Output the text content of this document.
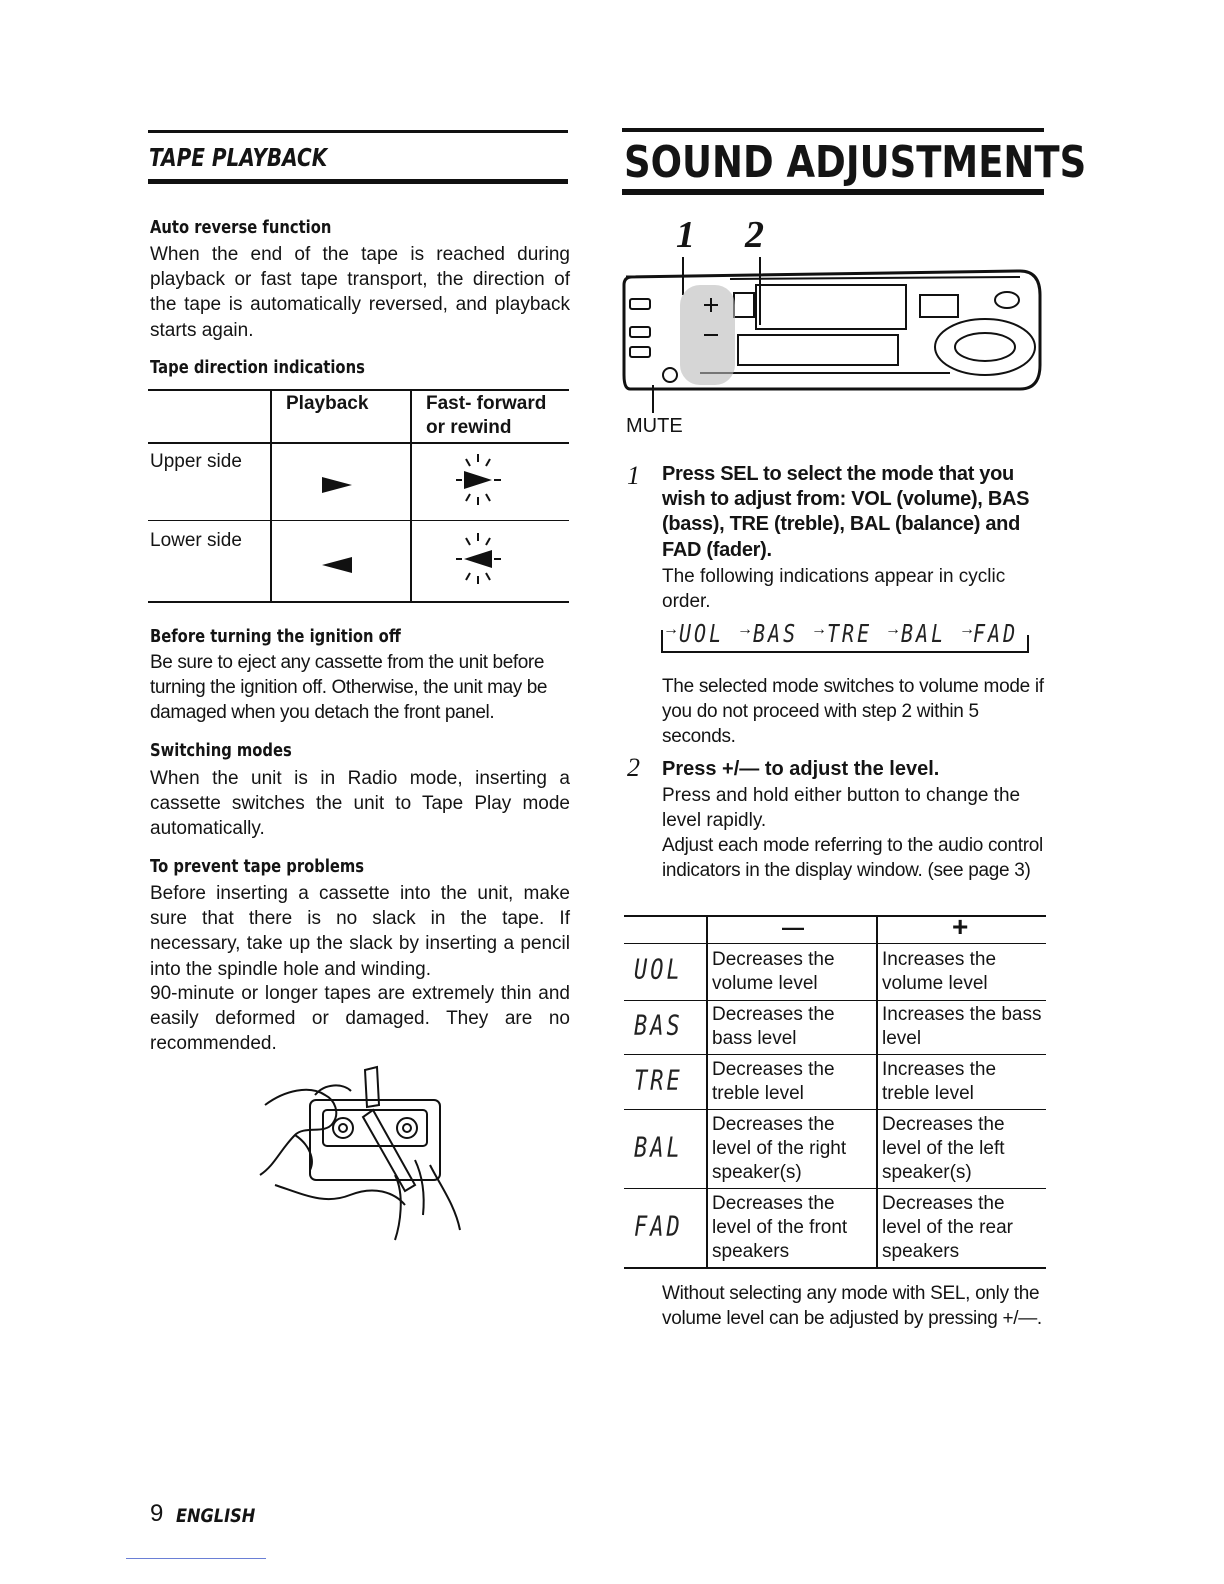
TAPE PLAYBACK
Auto reverse function

When the end of the tape is reached during playback or fast tape transport, the direction of the tape is automatically reversed, and playback starts again.

Tape direction indications
Playback	Fast- forward
or rewind
Upper side
Lower side
Before turning the ignition off

Be sure to eject any cassette from the unit before turning the ignition off. Otherwise, the unit may be damaged when you detach the front panel.

Switching modes

When the unit is in Radio mode, inserting a cassette switches the unit to Tape Play mode automatically.

To prevent tape problems

Before inserting a cassette into the unit, make sure that there is no slack in the tape. If necessary, take up the slack by inserting a pencil into the spindle hole and winding.

90-minute or longer tapes are extremely thin and easily deformed or damaged. They are no recommended.

SOUND ADJUSTMENTS
1 2
MUTE
1 Press SEL to select the mode that you wish to adjust from: VOL (volume), BAS (bass), TRE (treble), BAL (balance) and FAD (fader).

The following indications appear in cyclic order.

→ UOL → BAS → TRE → BAL →
FAD

The selected mode switches to volume mode if you do not proceed with step 2 within 5 seconds.

2 Press +/— to adjust the level.

Press and hold either button to change the level rapidly.

Adjust each mode referring to the audio control indicators in the display window. (see page 3)

—	+
UOL Decreases the volume level
Increases the volume level
BAS Decreases the bass level
Increases the bass level
TRE Decreases the treble level
Increases the treble level
BAL
Decreases the level of the right speaker(s)
Decreases the level of the left speaker(s)
FAD
Decreases the level of the front speakers
Decreases the level of the rear speakers

Without selecting any mode with SEL, only the volume level can be adjusted by pressing +/—.

9 ENGLISH
